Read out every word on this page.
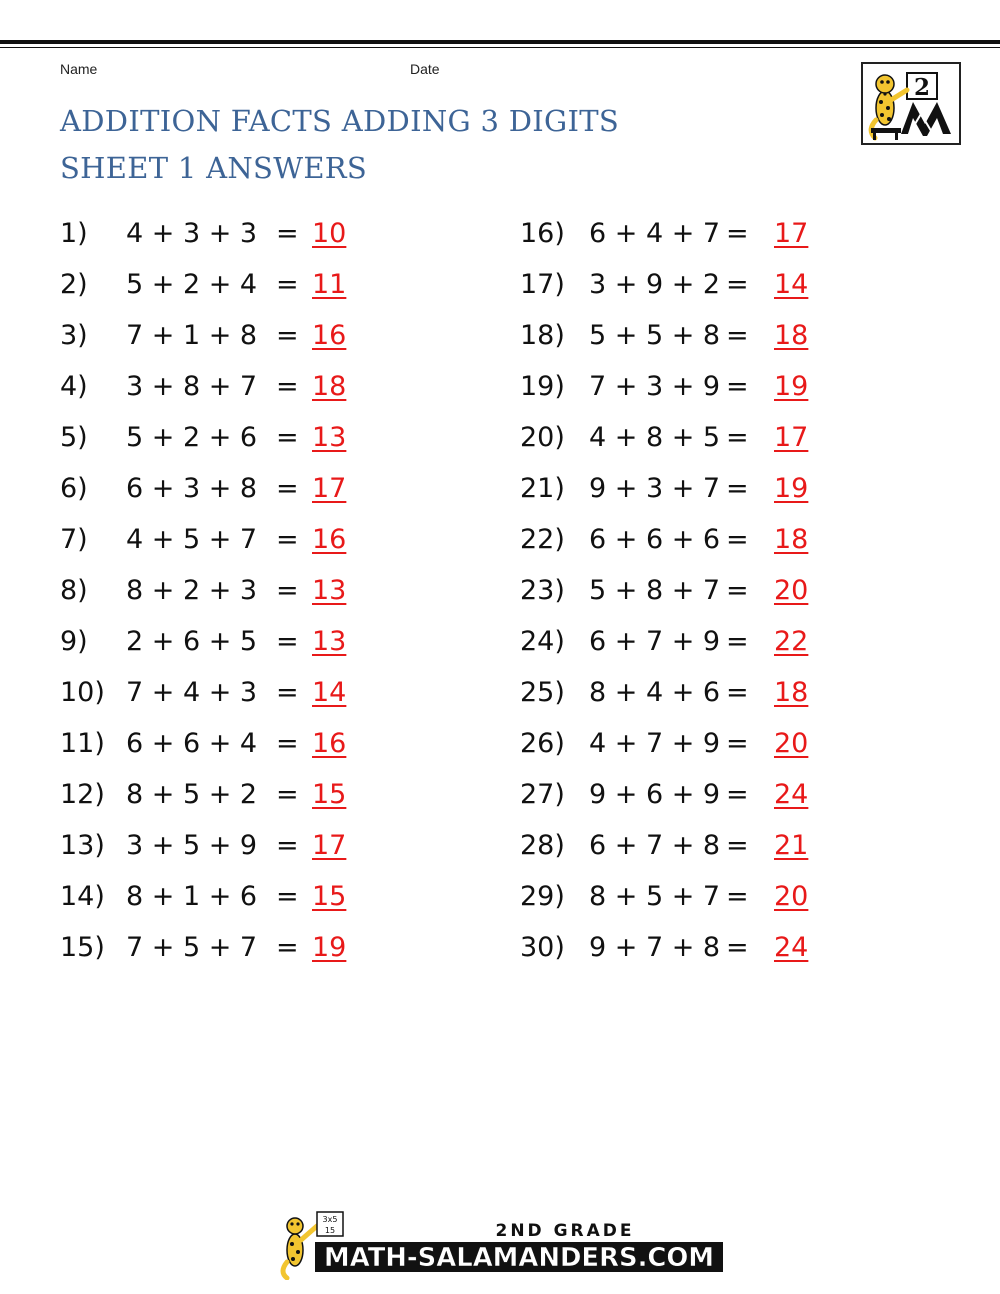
Name	Date
ADDITION FACTS ADDING 3 DIGITS
SHEET 1 ANSWERS
2
1) 4 + 3 + 3 = 10
2) 5 + 2 + 4 = 11
3) 7 + 1 + 8 = 16
4) 3 + 8 + 7 = 18
5) 5 + 2 + 6 = 13
6) 6 + 3 + 8 = 17
7) 4 + 5 + 7 = 16
8) 8 + 2 + 3 = 13
9) 2 + 6 + 5 = 13
10) 7 + 4 + 3 = 14
11) 6 + 6 + 4 = 16
12) 8 + 5 + 2 = 15
13) 3 + 5 + 9 = 17
14) 8 + 1 + 6 = 15
15) 7 + 5 + 7 = 19
16) 6 + 4 + 7 = 17
17) 3 + 9 + 2 = 14
18) 5 + 5 + 8 = 18
19) 7 + 3 + 9 = 19
20) 4 + 8 + 5 = 17
21) 9 + 3 + 7 = 19
22) 6 + 6 + 6 = 18
23) 5 + 8 + 7 = 20
24) 6 + 7 + 9 = 22
25) 8 + 4 + 6 = 18
26) 4 + 7 + 9 = 20
27) 9 + 6 + 9 = 24
28) 6 + 7 + 8 = 21
29) 8 + 5 + 7 = 20
30) 9 + 7 + 8 = 24
3x5
15	2ND GRADE
MATH-SALAMANDERS.COM
